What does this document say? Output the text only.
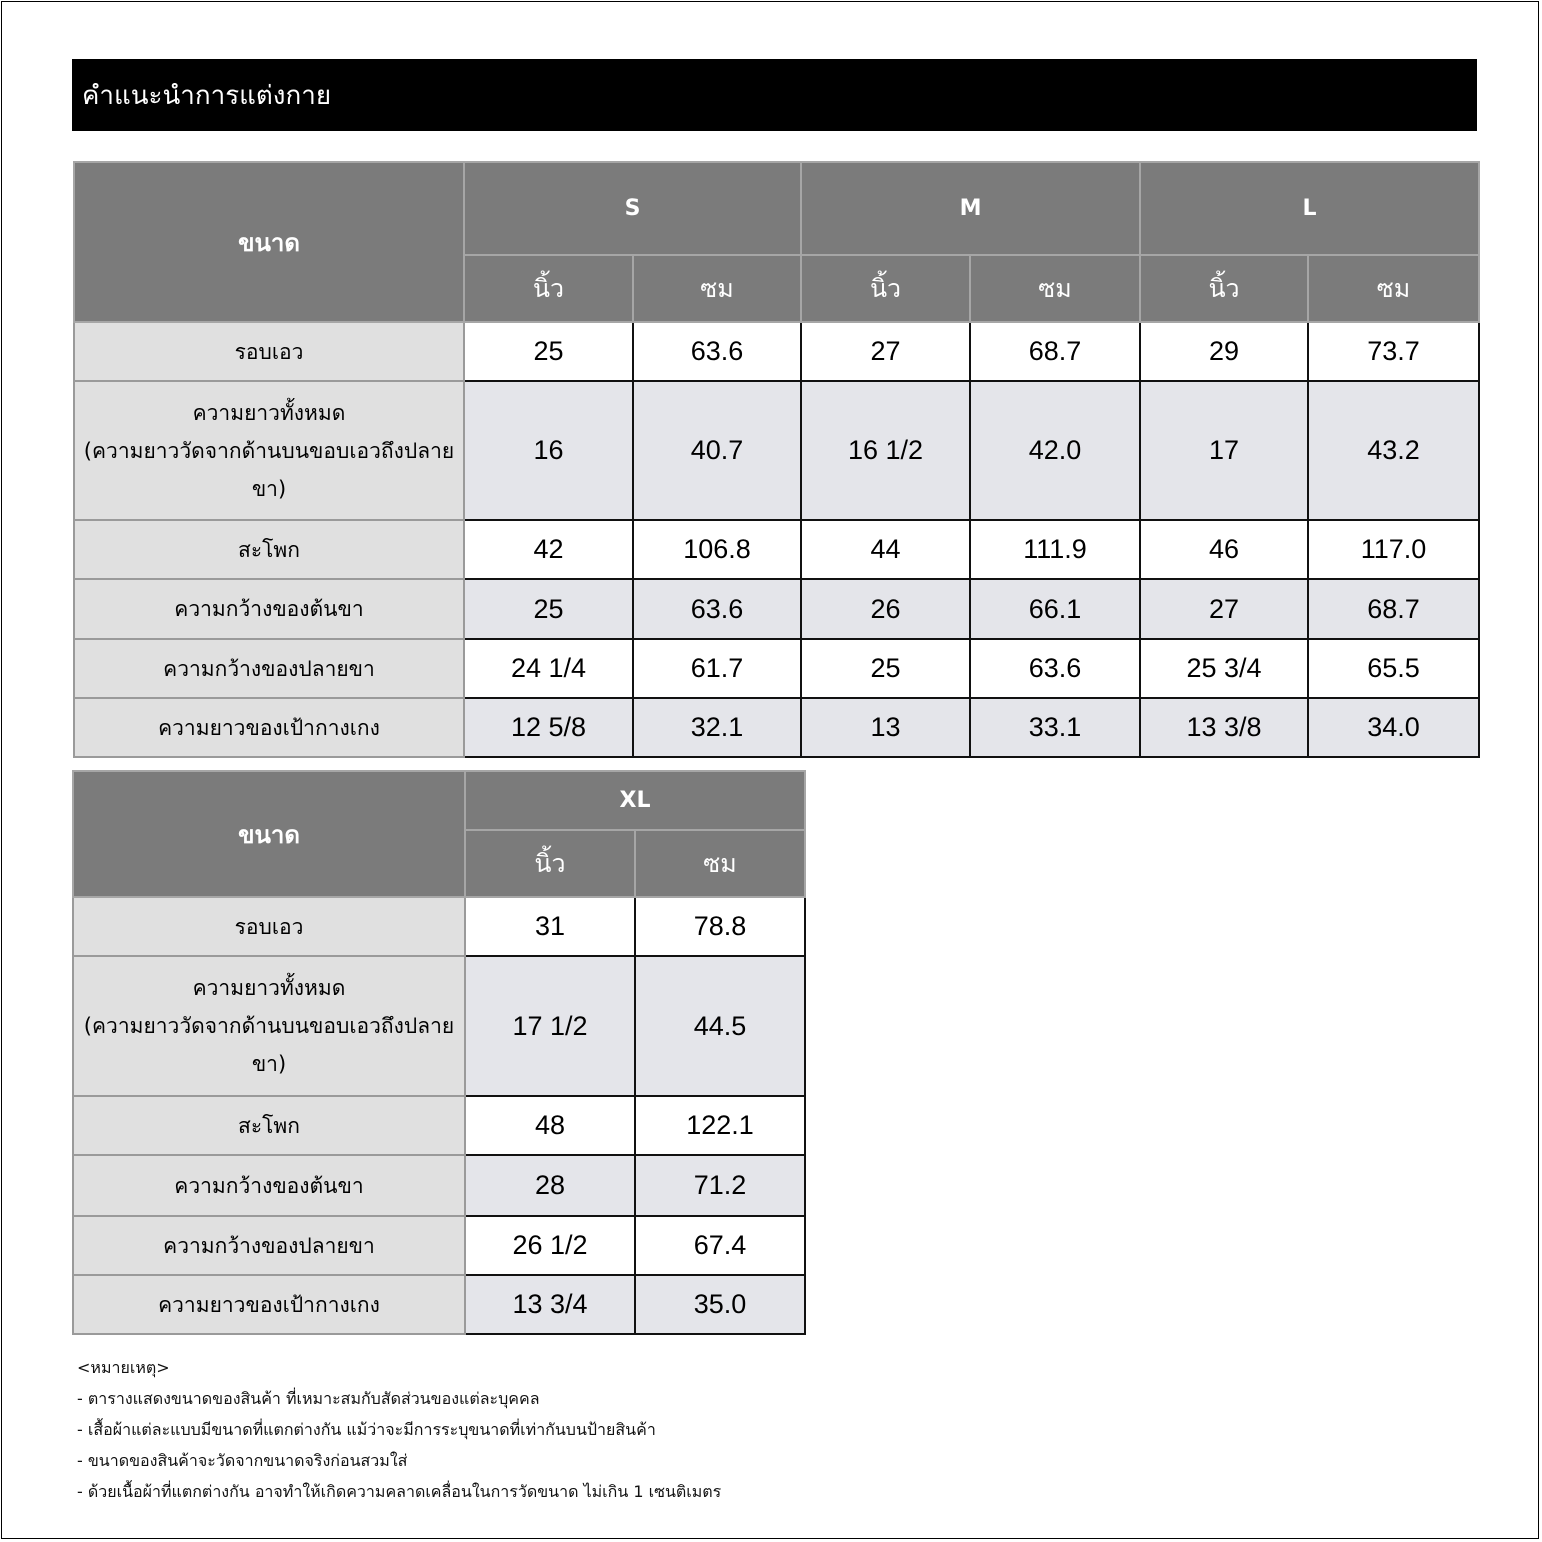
คำแนะนำการแต่งกาย
ขนาด	S		M		L	
	นิ้ว	ซม	นิ้ว	ซม	นิ้ว	ซม
รอบเอว	25	63.6	27	68.7	29	73.7
ความยาวทั้งหมด
(ความยาววัดจากด้านบนขอบเอวถึงปลาย
ขา)	16	40.7	16 1/2	42.0	17	43.2
สะโพก	42	106.8	44	111.9	46	117.0
ความกว้างของต้นขา	25	63.6	26	66.1	27	68.7
ความกว้างของปลายขา	24 1/4	61.7	25	63.6	25 3/4	65.5
ความยาวของเป้ากางเกง	12 5/8	32.1	13	33.1	13 3/8	34.0
ขนาด	XL	
	นิ้ว	ซม
รอบเอว	31	78.8
ความยาวทั้งหมด
(ความยาววัดจากด้านบนขอบเอวถึงปลาย
ขา)	17 1/2	44.5
สะโพก	48	122.1
ความกว้างของต้นขา	28	71.2
ความกว้างของปลายขา	26 1/2	67.4
ความยาวของเป้ากางเกง	13 3/4	35.0
<หมายเหตุ>
- ตารางแสดงขนาดของสินค้า ที่เหมาะสมกับสัดส่วนของแต่ละบุคคล
- เสื้อผ้าแต่ละแบบมีขนาดที่แตกต่างกัน แม้ว่าจะมีการระบุขนาดที่เท่ากันบนป้ายสินค้า
- ขนาดของสินค้าจะวัดจากขนาดจริงก่อนสวมใส่
- ด้วยเนื้อผ้าที่แตกต่างกัน อาจทำให้เกิดความคลาดเคลื่อนในการวัดขนาด ไม่เกิน 1 เซนติเมตร
